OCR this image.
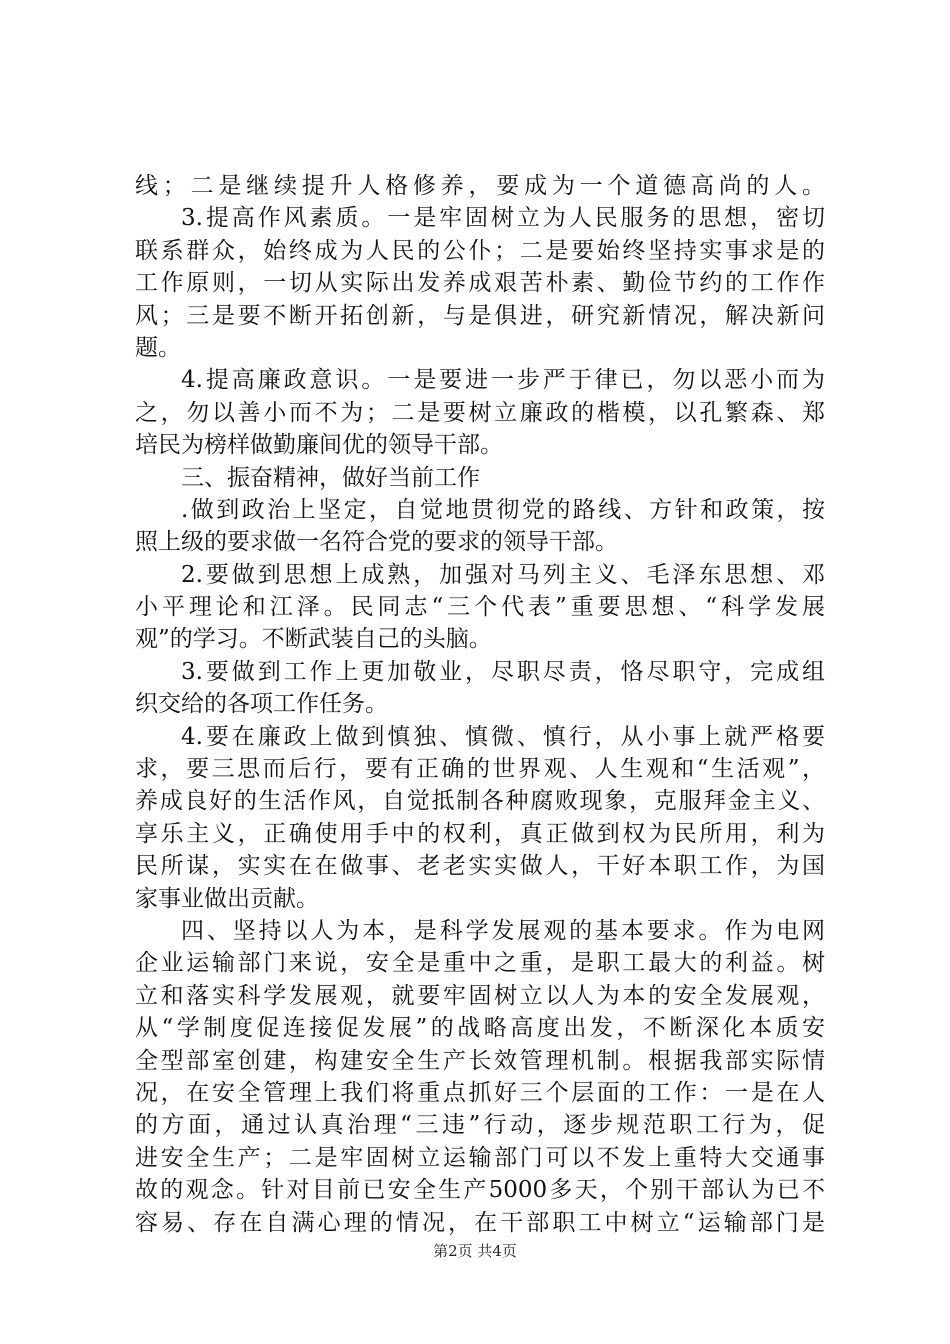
线；二是继续提升人格修养，要成为一个道德高尚的人。
3.提高作风素质。一是牢固树立为人民服务的思想，密切
联系群众，始终成为人民的公仆；二是要始终坚持实事求是的
工作原则，一切从实际出发养成艰苦朴素、勤俭节约的工作作
风；三是要不断开拓创新，与是俱进，研究新情况，解决新问
题。
4.提高廉政意识。一是要进一步严于律已，勿以恶小而为
之，勿以善小而不为；二是要树立廉政的楷模，以孔繁森、郑
培民为榜样做勤廉间优的领导干部。
三、振奋精神，做好当前工作
.做到政治上坚定，自觉地贯彻党的路线、方针和政策，按
照上级的要求做一名符合党的要求的领导干部。
2.要做到思想上成熟，加强对马列主义、毛泽东思想、邓
小平理论和江泽。民同志“三个代表”重要思想、“科学发展
观”的学习。不断武装自己的头脑。
3.要做到工作上更加敬业，尽职尽责，恪尽职守，完成组
织交给的各项工作任务。
4.要在廉政上做到慎独、慎微、慎行，从小事上就严格要
求，要三思而后行，要有正确的世界观、人生观和“生活观”，
养成良好的生活作风，自觉抵制各种腐败现象，克服拜金主义、
享乐主义，正确使用手中的权利，真正做到权为民所用，利为
民所谋，实实在在做事、老老实实做人，干好本职工作，为国
家事业做出贡献。
四、坚持以人为本，是科学发展观的基本要求。作为电网
企业运输部门来说，安全是重中之重，是职工最大的利益。树
立和落实科学发展观，就要牢固树立以人为本的安全发展观，
从“学制度促连接促发展”的战略高度出发，不断深化本质安
全型部室创建，构建安全生产长效管理机制。根据我部实际情
况，在安全管理上我们将重点抓好三个层面的工作：一是在人
的方面，通过认真治理“三违”行动，逐步规范职工行为，促
进安全生产；二是牢固树立运输部门可以不发上重特大交通事
故的观念。针对目前已安全生产5000多天，个别干部认为已不
容易、存在自满心理的情况，在干部职工中树立“运输部门是
第2页 共4页
